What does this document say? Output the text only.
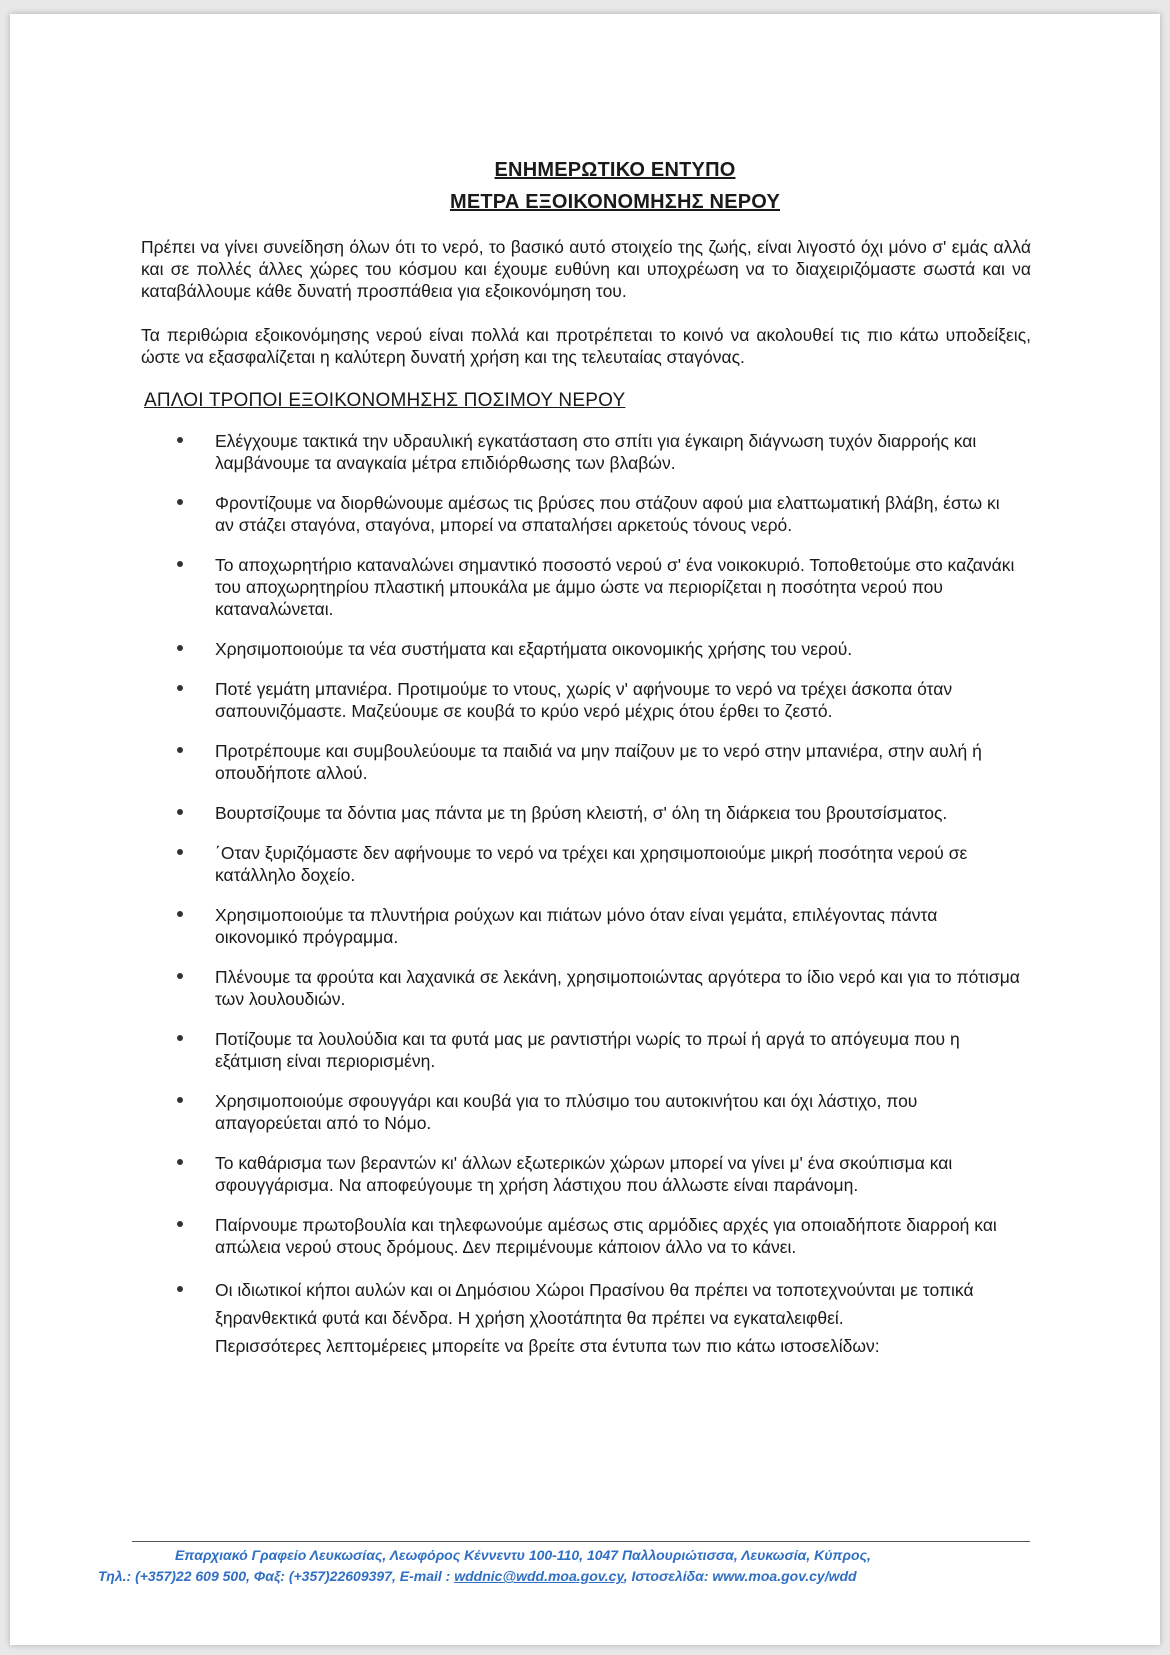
ΕΝΗΜΕΡΩΤΙΚΟ ΕΝΤΥΠΟ
ΜΕΤΡΑ ΕΞΟΙΚΟΝΟΜΗΣΗΣ ΝΕΡΟΥ

Πρέπει να γίνει συνείδηση όλων ότι το νερό, το βασικό αυτό στοιχείο της ζωής, είναι λιγοστό όχι μόνο σ' εμάς αλλά και σε πολλές άλλες χώρες του κόσμου και έχουμε ευθύνη και υποχρέωση να το διαχειριζόμαστε σωστά και να καταβάλλουμε κάθε δυνατή προσπάθεια για εξοικονόμηση του.

Τα περιθώρια εξοικονόμησης νερού είναι πολλά και προτρέπεται το κοινό να ακολουθεί τις πιο κάτω υποδείξεις, ώστε να εξασφαλίζεται η καλύτερη δυνατή χρήση και της τελευταίας σταγόνας.

ΑΠΛΟΙ ΤΡΟΠΟΙ ΕΞΟΙΚΟΝΟΜΗΣΗΣ ΠΟΣΙΜΟΥ ΝΕΡΟΥ
Ελέγχουμε τακτικά την υδραυλική εγκατάσταση στο σπίτι για έγκαιρη διάγνωση τυχόν διαρροής και λαμβάνουμε τα αναγκαία μέτρα επιδιόρθωσης των βλαβών.
Φροντίζουμε να διορθώνουμε αμέσως τις βρύσες που στάζουν αφού μια ελαττωματική βλάβη, έστω κι αν στάζει σταγόνα, σταγόνα, μπορεί να σπαταλήσει αρκετούς τόνους νερό.
Το αποχωρητήριο καταναλώνει σημαντικό ποσοστό νερού σ' ένα νοικοκυριό. Τοποθετούμε στο καζανάκι του αποχωρητηρίου πλαστική μπουκάλα με άμμο ώστε να περιορίζεται η ποσότητα νερού που καταναλώνεται.
Χρησιμοποιούμε τα νέα συστήματα και εξαρτήματα οικονομικής χρήσης του νερού.
Ποτέ γεμάτη μπανιέρα. Προτιμούμε το ντους, χωρίς ν' αφήνουμε το νερό να τρέχει άσκοπα όταν σαπουνιζόμαστε. Μαζεύουμε σε κουβά το κρύο νερό μέχρις ότου έρθει το ζεστό.
Προτρέπουμε και συμβουλεύουμε τα παιδιά να μην παίζουν με το νερό στην μπανιέρα, στην αυλή ή οπουδήποτε αλλού.
Βουρτσίζουμε τα δόντια μας πάντα με τη βρύση κλειστή, σ' όλη τη διάρκεια του βρουτσίσματος.
΄Οταν ξυριζόμαστε δεν αφήνουμε το νερό να τρέχει και χρησιμοποιούμε μικρή ποσότητα νερού σε κατάλληλο δοχείο.
Χρησιμοποιούμε τα πλυντήρια ρούχων και πιάτων μόνο όταν είναι γεμάτα, επιλέγοντας πάντα οικονομικό πρόγραμμα.
Πλένουμε τα φρούτα και λαχανικά σε λεκάνη, χρησιμοποιώντας αργότερα το ίδιο νερό και για το πότισμα των λουλουδιών.
Ποτίζουμε τα λουλούδια και τα φυτά μας με ραντιστήρι νωρίς το πρωί ή αργά το απόγευμα που η εξάτμιση είναι περιορισμένη.
Χρησιμοποιούμε σφουγγάρι και κουβά για το πλύσιμο του αυτοκινήτου και όχι λάστιχο, που απαγορεύεται από το Νόμο.
Το καθάρισμα των βεραντών κι' άλλων εξωτερικών χώρων μπορεί να γίνει μ' ένα σκούπισμα και σφουγγάρισμα. Να αποφεύγουμε τη χρήση λάστιχου που άλλωστε είναι παράνομη.
Παίρνουμε πρωτοβουλία και τηλεφωνούμε αμέσως στις αρμόδιες αρχές για οποιαδήποτε διαρροή και απώλεια νερού στους δρόμους. Δεν περιμένουμε κάποιον άλλο να το κάνει.
Οι ιδιωτικοί κήποι αυλών και οι Δημόσιου Χώροι Πρασίνου θα πρέπει να τοποτεχνούνται με τοπικά ξηρανθεκτικά φυτά και δένδρα. Η χρήση χλοοτάπητα θα πρέπει να εγκαταλειφθεί.
Περισσότερες λεπτομέρειες μπορείτε να βρείτε στα έντυπα των πιο κάτω ιστοσελίδων:
Επαρχιακό Γραφείο Λευκωσίας, Λεωφόρος Κέννεντυ 100-110, 1047 Παλλουριώτισσα, Λευκωσία, Κύπρος,
Τηλ.: (+357)22 609 500, Φαξ: (+357)22609397, E-mail : wddnic@wdd.moa.gov.cy, Ιστοσελίδα: www.moa.gov.cy/wdd
